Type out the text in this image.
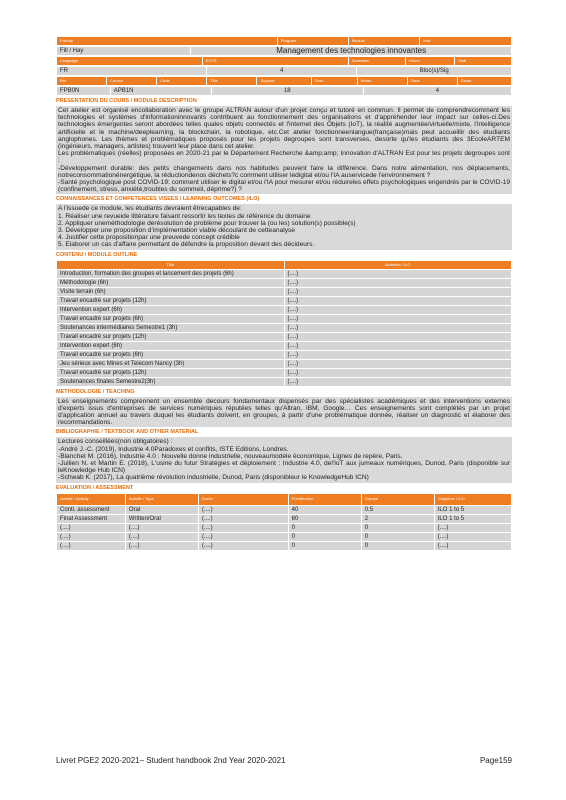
Faculty	Program	Module	Year
Fill / Hay	Management des technologies innovantes
Language	ECTS	Semester	Hours	Total
FR	4	Bloc(s)/Sig
Ref	Course	Code	Title	Support	Term	Hours	Face	Exam
FPB0N	APB1N	18	4
PRESENTATION DU COURS / MODULE DESCRIPTION

Cet atelier est organisé encollaboration avec le groupe ALTRAN autour d'un projet conçu et tutoré en commun. Il permet de comprendrecomment les technologies et systèmes d'informationinnovants contribuent au fonctionnement des organisations et d'appréhender leur impact sur celles-ci.Des technologies émergentes seront abordées telles quales objets connectés et l'internet des Objets (IoT), la réalité augmentée/virtuelle/mixte, l'intelligence artificielle et le machine/deeplearning, la blockchain, la robotique, etc.Cet atelier fonctionneenlangue(française)mais peut accueillir des étudiants anglophones. Les thèmes et problématiques proposés pour les projets degroupes sont transverses, desorte qu'les étudiants des 3EcoleARTEM (ingénieurs, managers, artistes) trouvent leur place dans cet atelier.

Les problématiques (réelles) proposées en 2020-21 par le Département Recherche &amp;amp; Innovation d'ALTRAN Est pour les projets degroupes sont :

-Développement durable: des petits changements dans nos habitudes peuvent faire la différence. Dans notre alimentation, nos déplacements, notreconsommationénergétique, la réductiondenos déchets?c comment utiliser ledigital et/ou l'IA auservicede l'environnement ?

-Santé psychologique post COVID-19: comment utiliser le digital et/ou l'IA pour mesurer et/ou réduireles effets psychologiques engendrés par le COVID-19 (confinement, stress, anxiété,troubles du sommeil, déprime?) ?

CONNAISSANCES ET COMPETENCES VISEES / LEARNING OUTCOMES (ILO)

A l'issuede ce module, les étudiants devraient êtrecapables de:

1. Réaliser une revueide littérature faisant ressortir les textes de référence du domaine

2. Appliquer uneméthodologie derésolution de problème pour trouver la (ou les) solution(s) possible(s)

3. Développer une proposition d'implémentation viable découlant de cetteanalyse

4. Justifier cette propositionpar une preuvede concept crédible

5. Elaborer un cas d'affaire permettant de défendre la proposition devant des décideurs.

CONTENU / MODULE OUTLINE
Title	Activities / ILO
Introduction, formation des groupes et lancement des projets (6h)	(....)
Méthodologie (6h)	(....)
Visite terrain (6h)	(....)
Travail encadré sur projets (12h)	(....)
Intervention expert (6h)	(....)
Travail encadré sur projets (6h)	(....)
Soutenances intermédiaires Semestre1 (3h)	(....)
Travail encadré sur projets (12h)	(....)
Intervention expert (6h)	(....)
Travail encadré sur projets (6h)	(....)
Jeu sérieux avec Mines et Telecom Nancy (3h)	(....)
Travail encadré sur projets (12h)	(....)
Soutenances finales Semestre2(3h)	(....)
METHODOLOGIE / TEACHING

Les enseignements comprennent un ensemble decours fondamentaux dispensés par des spécialistes académiques et des interventions externes d'experts issus d'entreprises de services numériques réputées telles qu'Altran, IBM, Google… Ces enseignements sont complétés par un projet d'application annuel au travers duquel les étudiants doivent, en groupes, à partir d'une problématique donnée, réaliser un diagnostic et élaborer des recommandations.

BIBLIOGRAPHIE / TEXTBOOK AND OTHER MATERIAL

Lectures conseillées(non obligatoires) :

-André J.-C. (2019), Industrie 4.0Paradoxes et conflits, ISTE Editions, Londres.

-Blanchet M. (2016), Industrie 4.0 : Nouvelle donne industrielle, nouveaumodèle économique, Lignes de repère, Paris.

-Jullien N. et Martin E. (2018), L'usine du futur Stratégies et déploiement : Industrie 4.0, del'IoT aux jumeaux numériques, Dunod, Paris (disponible sur leKnowledge Hub ICN)

-Schwab K. (2017), La quatrième révolution industrielle, Dunod, Paris (disponibleur le KnowledgeHub ICN)

EVALUATION / ASSESSMENT
Activité / Activity	Activité / Type	Durée	Pondération	Groupe	Chapitres / ILO
Conti. assessment	Oral	(....)	40	0.5	ILO 1 to 5
Final Assessment	Written/Oral	(....)	60	2	ILO 1 to 5
(....)	(....)	(....)	0	0	(....)
(....)	(....)	(....)	0	0	(....)
(....)	(....)	(....)	0	0	(....)
Livret PGE2 2020-2021– Student handbook 2nd Year 2020-2021	Page159
